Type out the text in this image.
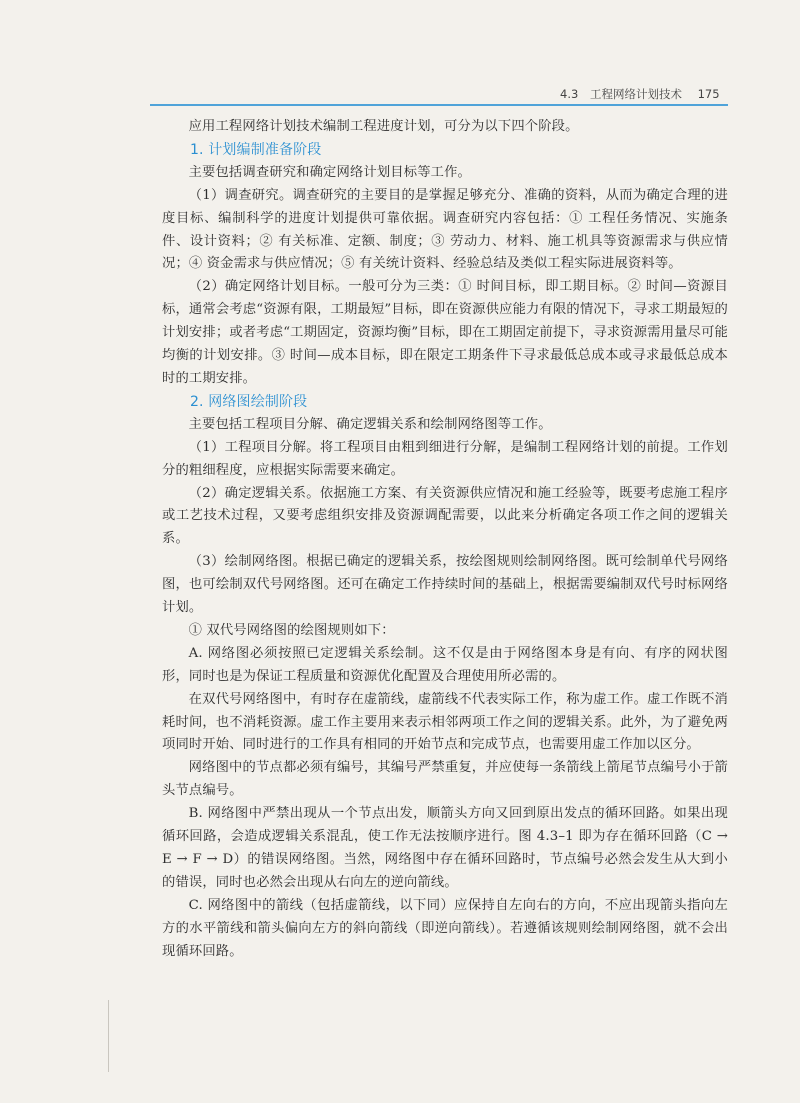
4.3 工程网络计划技术 175

应用工程网络计划技术编制工程进度计划，可分为以下四个阶段。

1. 计划编制准备阶段

主要包括调查研究和确定网络计划目标等工作。

（1）调查研究。调查研究的主要目的是掌握足够充分、准确的资料，从而为确定合理的进度目标、编制科学的进度计划提供可靠依据。调查研究内容包括：① 工程任务情况、实施条件、设计资料；② 有关标准、定额、制度；③ 劳动力、材料、施工机具等资源需求与供应情况；④ 资金需求与供应情况；⑤ 有关统计资料、经验总结及类似工程实际进展资料等。

（2）确定网络计划目标。一般可分为三类：① 时间目标，即工期目标。② 时间—资源目标，通常会考虑“资源有限，工期最短”目标，即在资源供应能力有限的情况下，寻求工期最短的计划安排；或者考虑“工期固定，资源均衡”目标，即在工期固定前提下，寻求资源需用量尽可能均衡的计划安排。③ 时间—成本目标，即在限定工期条件下寻求最低总成本或寻求最低总成本时的工期安排。

2. 网络图绘制阶段

主要包括工程项目分解、确定逻辑关系和绘制网络图等工作。

（1）工程项目分解。将工程项目由粗到细进行分解，是编制工程网络计划的前提。工作划分的粗细程度，应根据实际需要来确定。

（2）确定逻辑关系。依据施工方案、有关资源供应情况和施工经验等，既要考虑施工程序或工艺技术过程，又要考虑组织安排及资源调配需要，以此来分析确定各项工作之间的逻辑关系。

（3）绘制网络图。根据已确定的逻辑关系，按绘图规则绘制网络图。既可绘制单代号网络图，也可绘制双代号网络图。还可在确定工作持续时间的基础上，根据需要编制双代号时标网络计划。

① 双代号网络图的绘图规则如下：

A. 网络图必须按照已定逻辑关系绘制。这不仅是由于网络图本身是有向、有序的网状图形，同时也是为保证工程质量和资源优化配置及合理使用所必需的。

在双代号网络图中，有时存在虚箭线，虚箭线不代表实际工作，称为虚工作。虚工作既不消耗时间，也不消耗资源。虚工作主要用来表示相邻两项工作之间的逻辑关系。此外，为了避免两项同时开始、同时进行的工作具有相同的开始节点和完成节点，也需要用虚工作加以区分。

网络图中的节点都必须有编号，其编号严禁重复，并应使每一条箭线上箭尾节点编号小于箭头节点编号。

B. 网络图中严禁出现从一个节点出发，顺箭头方向又回到原出发点的循环回路。如果出现循环回路，会造成逻辑关系混乱，使工作无法按顺序进行。图 4.3–1 即为存在循环回路（C → E → F → D）的错误网络图。当然，网络图中存在循环回路时，节点编号必然会发生从大到小的错误，同时也必然会出现从右向左的逆向箭线。

C. 网络图中的箭线（包括虚箭线，以下同）应保持自左向右的方向，不应出现箭头指向左方的水平箭线和箭头偏向左方的斜向箭线（即逆向箭线）。若遵循该规则绘制网络图，就不会出现循环回路。
